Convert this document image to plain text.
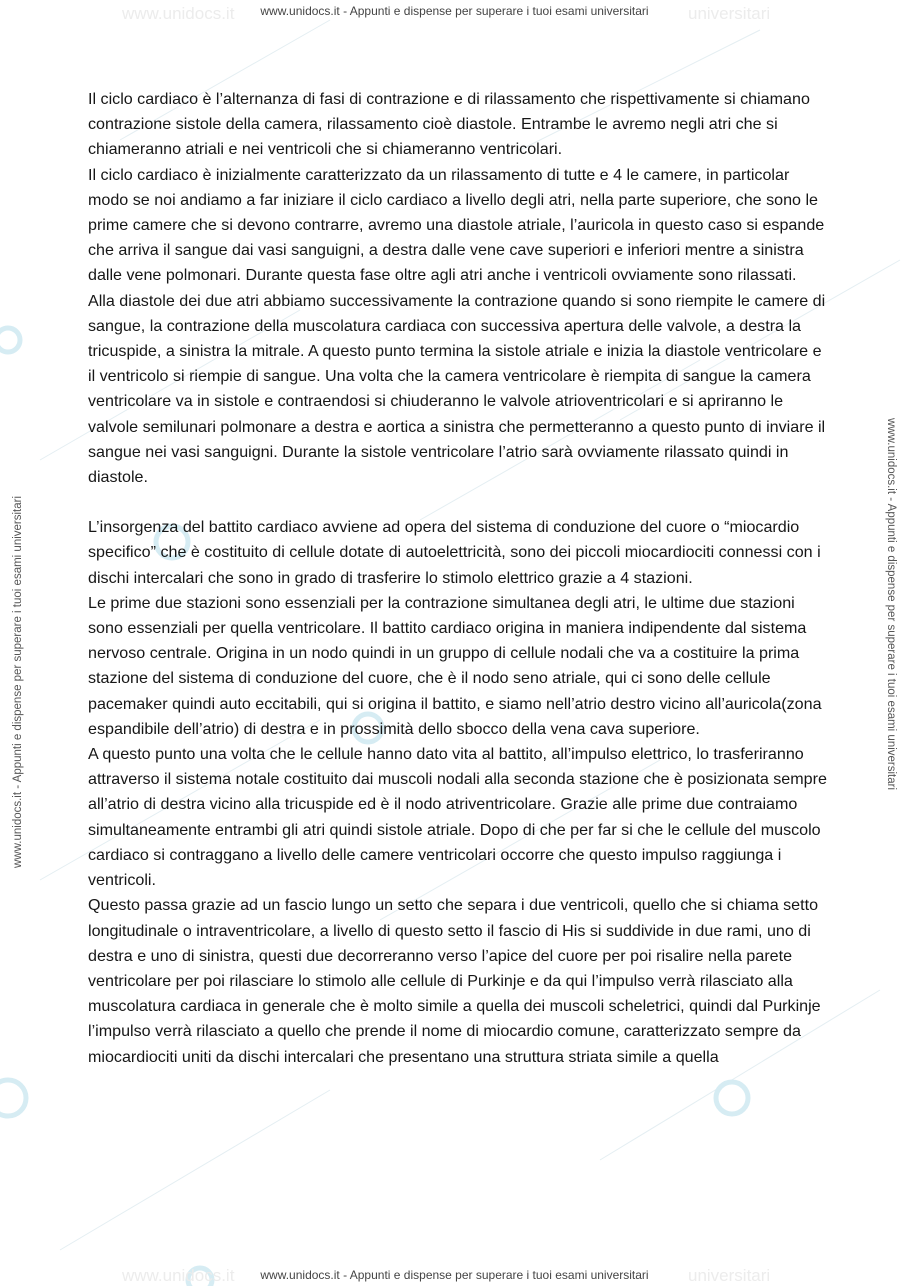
www.unidocs.it	universitari
www.unidocs.it	universitari
www.unidocs.it - Appunti e dispense per superare i tuoi esami universitari
www.unidocs.it - Appunti e dispense per superare i tuoi esami universitari	www.unidocs.it - Appunti e dispense per superare i tuoi esami universitari

Il ciclo cardiaco è l’alternanza di fasi di contrazione e di rilassamento che rispettivamente si chiamano contrazione sistole della camera, rilassamento cioè diastole. Entrambe le avremo negli atri che si chiameranno atriali e nei ventricoli che si chiameranno ventricolari.

Il ciclo cardiaco è inizialmente caratterizzato da un rilassamento di tutte e 4 le camere, in particolar modo se noi andiamo a far iniziare il ciclo cardiaco a livello degli atri, nella parte superiore, che sono le prime camere che si devono contrarre, avremo una diastole atriale, l’auricola in questo caso si espande che arriva il sangue dai vasi sanguigni, a destra dalle vene cave superiori e inferiori mentre a sinistra dalle vene polmonari. Durante questa fase oltre agli atri anche i ventricoli ovviamente sono rilassati.

Alla diastole dei due atri abbiamo successivamente la contrazione quando si sono riempite le camere di sangue, la contrazione della muscolatura cardiaca con successiva apertura delle valvole, a destra la tricuspide, a sinistra la mitrale. A questo punto termina la sistole atriale e inizia la diastole ventricolare e il ventricolo si riempie di sangue. Una volta che la camera ventricolare è riempita di sangue la camera ventricolare va in sistole e contraendosi si chiuderanno le valvole atrioventricolari e si apriranno le valvole semilunari polmonare a destra e aortica a sinistra che permetteranno a questo punto di inviare il sangue nei vasi sanguigni. Durante la sistole ventricolare l’atrio sarà ovviamente rilassato quindi in diastole.

L’insorgenza del battito cardiaco avviene ad opera del sistema di conduzione del cuore o “miocardio specifico” che è costituito di cellule dotate di autoelettricità, sono dei piccoli miocardiociti connessi con i dischi intercalari che sono in grado di trasferire lo stimolo elettrico grazie a 4 stazioni.

Le prime due stazioni sono essenziali per la contrazione simultanea degli atri, le ultime due stazioni sono essenziali per quella ventricolare. Il battito cardiaco origina in maniera indipendente dal sistema nervoso centrale. Origina in un nodo quindi in un gruppo di cellule nodali che va a costituire la prima stazione del sistema di conduzione del cuore, che è il nodo seno atriale, qui ci sono delle cellule pacemaker quindi auto eccitabili, qui si origina il battito, e siamo nell’atrio destro vicino all’auricola(zona espandibile dell’atrio) di destra e in prossimità dello sbocco della vena cava superiore.

A questo punto una volta che le cellule hanno dato vita al battito, all’impulso elettrico, lo trasferiranno attraverso il sistema notale costituito dai muscoli nodali alla seconda stazione che è posizionata sempre all’atrio di destra vicino alla tricuspide ed è il nodo atriventricolare. Grazie alle prime due contraiamo simultaneamente entrambi gli atri quindi sistole atriale. Dopo di che per far si che le cellule del muscolo cardiaco si contraggano a livello delle camere ventricolari occorre che questo impulso raggiunga i ventricoli.

Questo passa grazie ad un fascio lungo un setto che separa i due ventricoli, quello che si chiama setto longitudinale o intraventricolare, a livello di questo setto il fascio di His si suddivide in due rami, uno di destra e uno di sinistra, questi due decorreranno verso l’apice del cuore per poi risalire nella parete ventricolare per poi rilasciare lo stimolo alle cellule di Purkinje e da qui l’impulso verrà rilasciato alla muscolatura cardiaca in generale che è molto simile a quella dei muscoli scheletrici, quindi dal Purkinje l’impulso verrà rilasciato a quello che prende il nome di miocardio comune, caratterizzato sempre da miocardiociti uniti da dischi intercalari che presentano una struttura striata simile a quella

www.unidocs.it - Appunti e dispense per superare i tuoi esami universitari
